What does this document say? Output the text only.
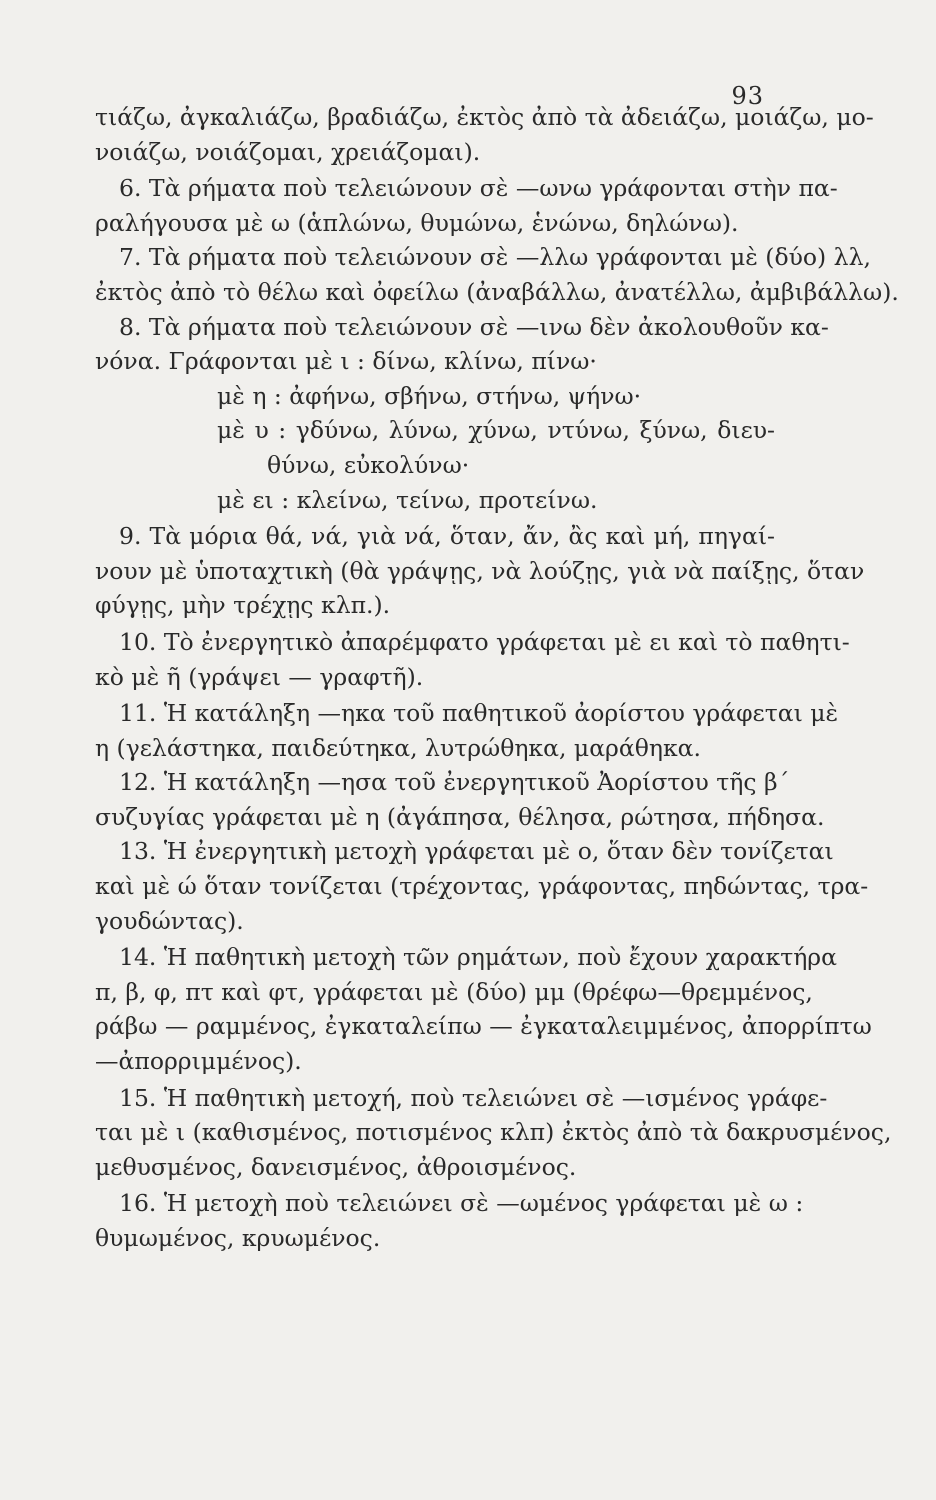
93
τιάζω, ἀγκαλιάζω, βραδιάζω, ἐκτὸς ἀπὸ τὰ ἀδειάζω, μοιάζω, μο-
νοιάζω, νοιάζομαι, χρειάζομαι).
6. Τὰ ρήματα ποὺ τελειώνουν σὲ —ωνω γράφονται στὴν πα-
ραλήγουσα μὲ ω (ἁπλώνω, θυμώνω, ἑνώνω, δηλώνω).
7. Τὰ ρήματα ποὺ τελειώνουν σὲ —λλω γράφονται μὲ (δύο) λλ,
ἐκτὸς ἀπὸ τὸ θέλω καὶ ὀφείλω (ἀναβάλλω, ἀνατέλλω, ἀμβιβάλλω).
8. Τὰ ρήματα ποὺ τελειώνουν σὲ —ινω δὲν ἀκολουθοῦν κα-
νόνα. Γράφονται μὲ ι : δίνω, κλίνω, πίνω·
μὲ η : ἀφήνω, σβήνω, στήνω, ψήνω·
μὲ υ : γδύνω, λύνω, χύνω, ντύνω, ξύνω, διευ-
θύνω, εὐκολύνω·
μὲ ει : κλείνω, τείνω, προτείνω.
9. Τὰ μόρια θά, νά, γιὰ νά, ὅταν, ἄν, ἂς καὶ μή, πηγαί-
νουν μὲ ὑποταχτικὴ (θὰ γράψῃς, νὰ λούζῃς, γιὰ νὰ παίξῃς, ὅταν
φύγῃς, μὴν τρέχῃς κλπ.).
10. Τὸ ἐνεργητικὸ ἀπαρέμφατο γράφεται μὲ ει καὶ τὸ παθητι-
κὸ μὲ ῆ (γράψει — γραφτῆ).
11. Ἡ κατάληξη —ηκα τοῦ παθητικοῦ ἀορίστου γράφεται μὲ
η (γελάστηκα, παιδεύτηκα, λυτρώθηκα, μαράθηκα.
12. Ἡ κατάληξη —ησα τοῦ ἐνεργητικοῦ Ἀορίστου τῆς β΄
συζυγίας γράφεται μὲ η (ἀγάπησα, θέλησα, ρώτησα, πήδησα.
13. Ἡ ἐνεργητικὴ μετοχὴ γράφεται μὲ ο, ὅταν δὲν τονίζεται
καὶ μὲ ώ ὅταν τονίζεται (τρέχοντας, γράφοντας, πηδώντας, τρα-
γουδώντας).
14. Ἡ παθητικὴ μετοχὴ τῶν ρημάτων, ποὺ ἔχουν χαρακτήρα
π, β, φ, πτ καὶ φτ, γράφεται μὲ (δύο) μμ (θρέφω—θρεμμένος,
ράβω — ραμμένος, ἐγκαταλείπω — ἐγκαταλειμμένος, ἀπορρίπτω
—ἀπορριμμένος).
15. Ἡ παθητικὴ μετοχή, ποὺ τελειώνει σὲ —ισμένος γράφε-
ται μὲ ι (καθισμένος, ποτισμένος κλπ) ἐκτὸς ἀπὸ τὰ δακρυσμένος,
μεθυσμένος, δανεισμένος, ἀθροισμένος.
16. Ἡ μετοχὴ ποὺ τελειώνει σὲ —ωμένος γράφεται μὲ ω :
θυμωμένος, κρυωμένος.
